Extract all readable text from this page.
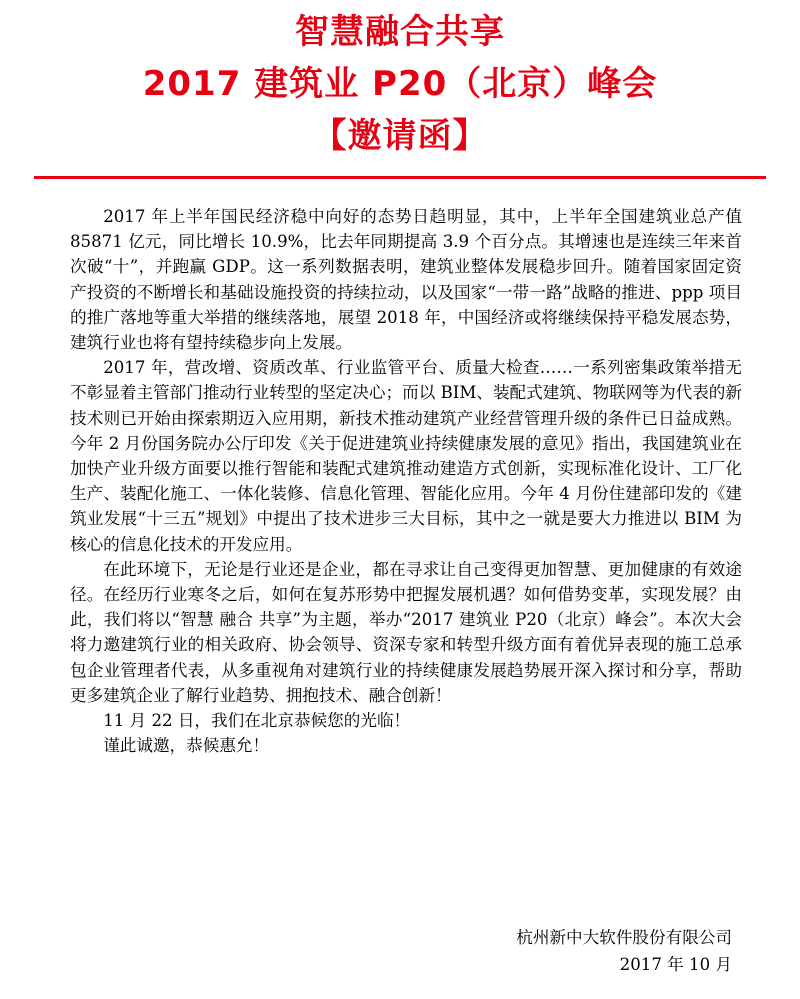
智慧融合共享
2017 建筑业 P20（北京）峰会
【邀请函】

2017 年上半年国民经济稳中向好的态势日趋明显，其中，上半年全国建筑业总产值 85871 亿元，同比增长 10.9%，比去年同期提高 3.9 个百分点。其增速也是连续三年来首次破“十”，并跑赢 GDP。这一系列数据表明，建筑业整体发展稳步回升。随着国家固定资产投资的不断增长和基础设施投资的持续拉动，以及国家“一带一路”战略的推进、ppp 项目的推广落地等重大举措的继续落地，展望 2018 年，中国经济或将继续保持平稳发展态势，建筑行业也将有望持续稳步向上发展。

2017 年，营改增、资质改革、行业监管平台、质量大检查……一系列密集政策举措无不彰显着主管部门推动行业转型的坚定决心；而以 BIM、装配式建筑、物联网等为代表的新技术则已开始由探索期迈入应用期，新技术推动建筑产业经营管理升级的条件已日益成熟。今年 2 月份国务院办公厅印发《关于促进建筑业持续健康发展的意见》指出，我国建筑业在加快产业升级方面要以推行智能和装配式建筑推动建造方式创新，实现标准化设计、工厂化生产、装配化施工、一体化装修、信息化管理、智能化应用。今年 4 月份住建部印发的《建筑业发展“十三五”规划》中提出了技术进步三大目标，其中之一就是要大力推进以 BIM 为核心的信息化技术的开发应用。

在此环境下，无论是行业还是企业，都在寻求让自己变得更加智慧、更加健康的有效途径。在经历行业寒冬之后，如何在复苏形势中把握发展机遇？如何借势变革，实现发展？由此，我们将以“智慧 融合 共享”为主题，举办“2017 建筑业 P20（北京）峰会”。本次大会将力邀建筑行业的相关政府、协会领导、资深专家和转型升级方面有着优异表现的施工总承包企业管理者代表，从多重视角对建筑行业的持续健康发展趋势展开深入探讨和分享，帮助更多建筑企业了解行业趋势、拥抱技术、融合创新！

11 月 22 日，我们在北京恭候您的光临！

谨此诚邀，恭候惠允！

杭州新中大软件股份有限公司
2017 年 10 月
